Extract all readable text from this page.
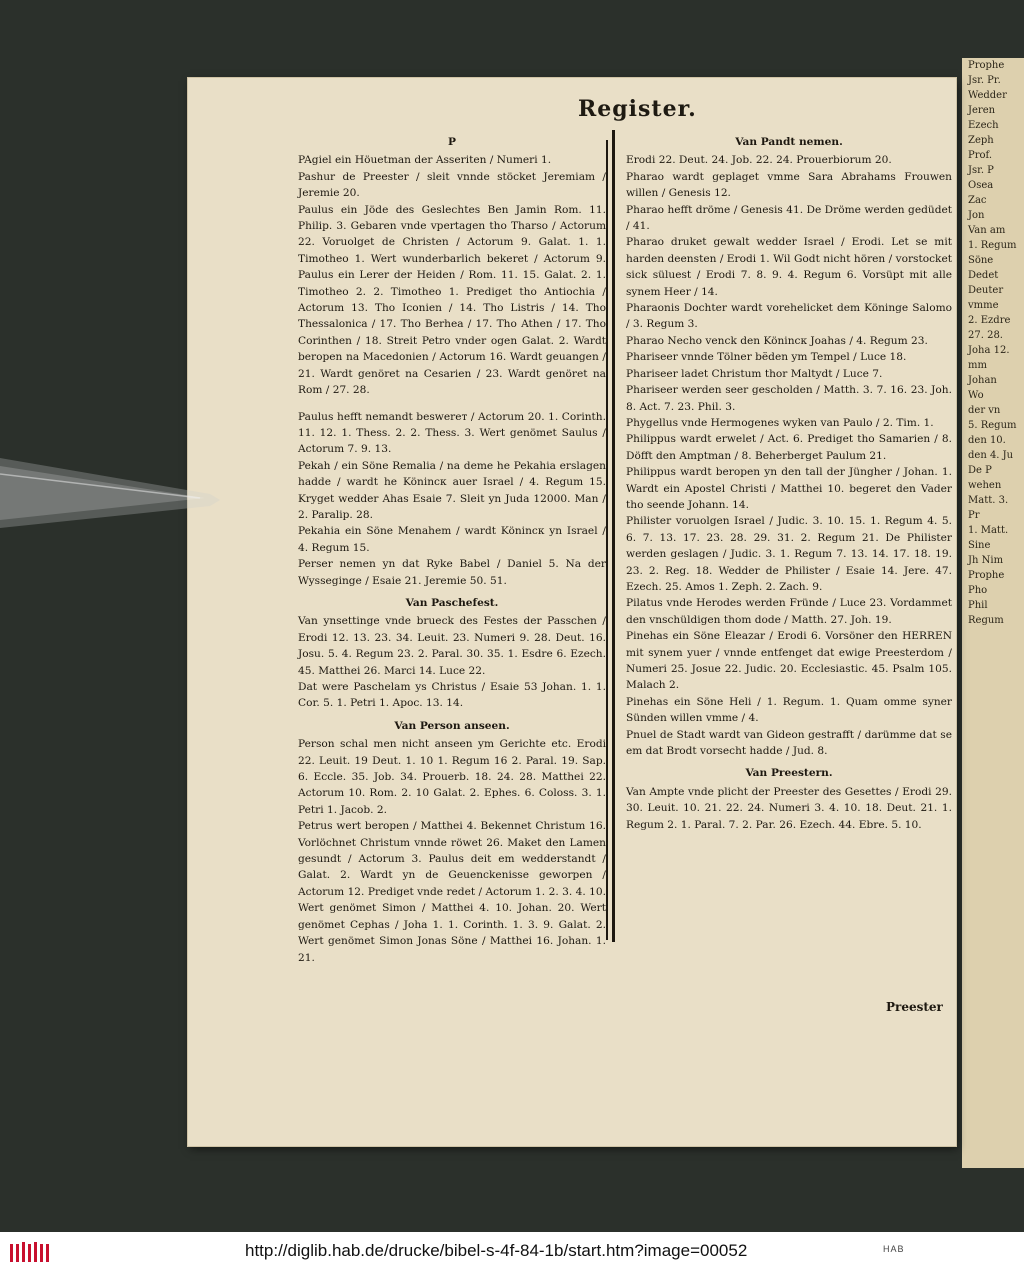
Prophe
Jsr. Pr.
Wedder
Jeren
Ezech
Zeph
Prof.
Jsr. P
Osea
Zac
Jon
Van am
1. Regum
Söne
Dedet
Deuter
vmmе
2. Ezdre
27. 28.
Joha 12.
mm
Johan
Wo
der vn
5. Regum
den 10.
den 4. Ju
De P
wehen
Matt. 3.
Pr
1. Matt.
Sine
Jh Nim
Prophe
Pho
Phil
Regum
Register.

P

PAgiel ein Höuetman der Asseriten / Numeri 1.

Pashur de Preester / sleit vnnde stöcket Jeremiam / Jeremie 20.

Paulus ein Jöde des Geslechtes Ben Jamin Rom. 11. Philip. 3. Gebaren vnde vpertagen tho Tharso / Actorum 22. Voruolget de Christen / Actorum 9. Galat. 1. 1. Timotheo 1. Wert wunderbarlich bekeret / Actorum 9. Paulus ein Lerer der Heiden / Rom. 11. 15. Galat. 2. 1. Timotheo 2. 2. Timotheo 1. Prediget tho Antiochia / Actorum 13. Tho Iconien / 14. Tho Listris / 14. Tho Thessalonica / 17. Tho Berhea / 17. Tho Athen / 17. Tho Corinthen / 18. Streit Petro vnder ogen Galat. 2. Wardt beropen na Macedonien / Actorum 16. Wardt geuangen / 21. Wardt genöret na Cesarien / 23. Wardt genöret na Rom / 27. 28.

Paulus hefft nemandt beswerет / Actorum 20. 1. Corinth. 11. 12. 1. Thess. 2. 2. Thess. 3. Wert genömet Saulus / Actorum 7. 9. 13.

Pekah / ein Söne Remalia / na deme he Pekahia erslagen hadde / wardt he Könincк auer Israel / 4. Regum 15. Kryget wedder Ahas Esaie 7. Sleit yn Juda 12000. Man / 2. Paralip. 28.

Pekahia ein Söne Menahem / wardt Könincк yn Israel / 4. Regum 15.

Perser nemen yn dat Ryke Babel / Daniel 5. Na der Wyssegingе / Esaie 21. Jeremie 50. 51.

Van Paschefest.

Van ynsettinge vnde bruеck des Festes der Passchen / Erodi 12. 13. 23. 34. Leuit. 23. Numeri 9. 28. Deut. 16. Josu. 5. 4. Regum 23. 2. Paral. 30. 35. 1. Esdre 6. Ezech. 45. Matthei 26. Marci 14. Luce 22.

Dat were Paschelam ys Christus / Esaie 53 Johan. 1. 1. Cor. 5. 1. Petri 1. Apoc. 13. 14.

Van Person anseen.

Person schal men nicht anseen ym Gerichte etc. Erodi 22. Leuit. 19 Deut. 1. 10 1. Regum 16 2. Paral. 19. Sap. 6. Eccle. 35. Job. 34. Prouerb. 18. 24. 28. Matthei 22. Actorum 10. Rom. 2. 10 Galat. 2. Ephes. 6. Coloss. 3. 1. Petri 1. Jacob. 2.

Petrus wert beropen / Matthei 4. Bekennet Christum 16. Vorlöchnet Christum vnnde röwet 26. Maket den Lamen gesundt / Actorum 3. Paulus deit em wedderstandt / Galat. 2. Wardt yn de Geuenckenisse geworpen / Actorum 12. Prediget vnde redet / Actorum 1. 2. 3. 4. 10. Wert genömet Simon / Matthei 4. 10. Johan. 20. Wert genömet Cephas / Joha 1. 1. Corinth. 1. 3. 9. Galat. 2. Wert genömet Simon Jonas Söne / Matthei 16. Johan. 1. 21.

Van Pandt nemen.

Erodi 22. Deut. 24. Job. 22. 24. Prouerbiorum 20.

Pharao wardt geplaget vmme Sara Abrahams Frouwen willen / Genesis 12.

Pharao hefft dröme / Genesis 41. De Dröme werden gedüdet / 41.

Pharao druket gewalt wedder Israel / Erodi. Let se mit harden deensten / Erodi 1. Wil Godt nicht hören / vorstocket sick süluest / Erodi 7. 8. 9. 4. Regum 6. Vorsüpt mit alle synem Heer / 14.

Pharaonis Dochter wardt vorehelicket dem Köninge Salomo / 3. Regum 3.

Pharao Necho venck den Könincк Joahas / 4. Regum 23.

Pharisеer vnnde Tölner bёden ym Tempel / Luce 18.

Pharisеer ladet Christum thor Maltydt / Luce 7.

Pharisеer werden seer gescholden / Matth. 3. 7. 16. 23. Joh. 8. Act. 7. 23. Phil. 3.

Phygellus vnde Hermogenes wyken van Paulo / 2. Tim. 1.

Philippus wardt erwelet / Act. 6. Prediget tho Samarien / 8. Döfft den Amptman / 8. Beherberget Paulum 21.

Philippus wardt beropen yn den tall der Jüngher / Johan. 1. Wardt ein Apostel Christi / Matthei 10. begeret den Vader tho seende Johann. 14.

Philister voruolgen Israel / Judic. 3. 10. 15. 1. Regum 4. 5. 6. 7. 13. 17. 23. 28. 29. 31. 2. Regum 21. De Philister werden geslagen / Judic. 3. 1. Regum 7. 13. 14. 17. 18. 19. 23. 2. Reg. 18. Wedder de Philister / Esaie 14. Jere. 47. Ezech. 25. Amos 1. Zeph. 2. Zach. 9.

Pilatus vnde Herodes werden Fründe / Luce 23. Vordammet den vnschüldigen thom dode / Matth. 27. Joh. 19.

Pinehas ein Söne Eleazar / Erodi 6. Vorsöner den HERREN mit synem yuer / vnnde entfenget dat ewige Preesterdom / Numeri 25. Josue 22. Judic. 20. Ecclesiastic. 45. Psalm 105. Malach 2.

Pinehas ein Söne Heli / 1. Regum. 1. Quam omme syner Sünden willen vmme / 4.

Pnuel de Stadt wardt van Gideon gestrafft / darümme dat se em dat Brodt vorsecht hadde / Jud. 8.

Van Preestern.

Van Ampte vnde plicht der Preester des Gesettes / Erodi 29. 30. Leuit. 10. 21. 22. 24. Numeri 3. 4. 10. 18. Deut. 21. 1. Regum 2. 1. Paral. 7. 2. Par. 26. Ezech. 44. Ebre. 5. 10.

Preester
http://diglib.hab.de/drucke/bibel-s-4f-84-1b/start.htm?image=00052	HAB
